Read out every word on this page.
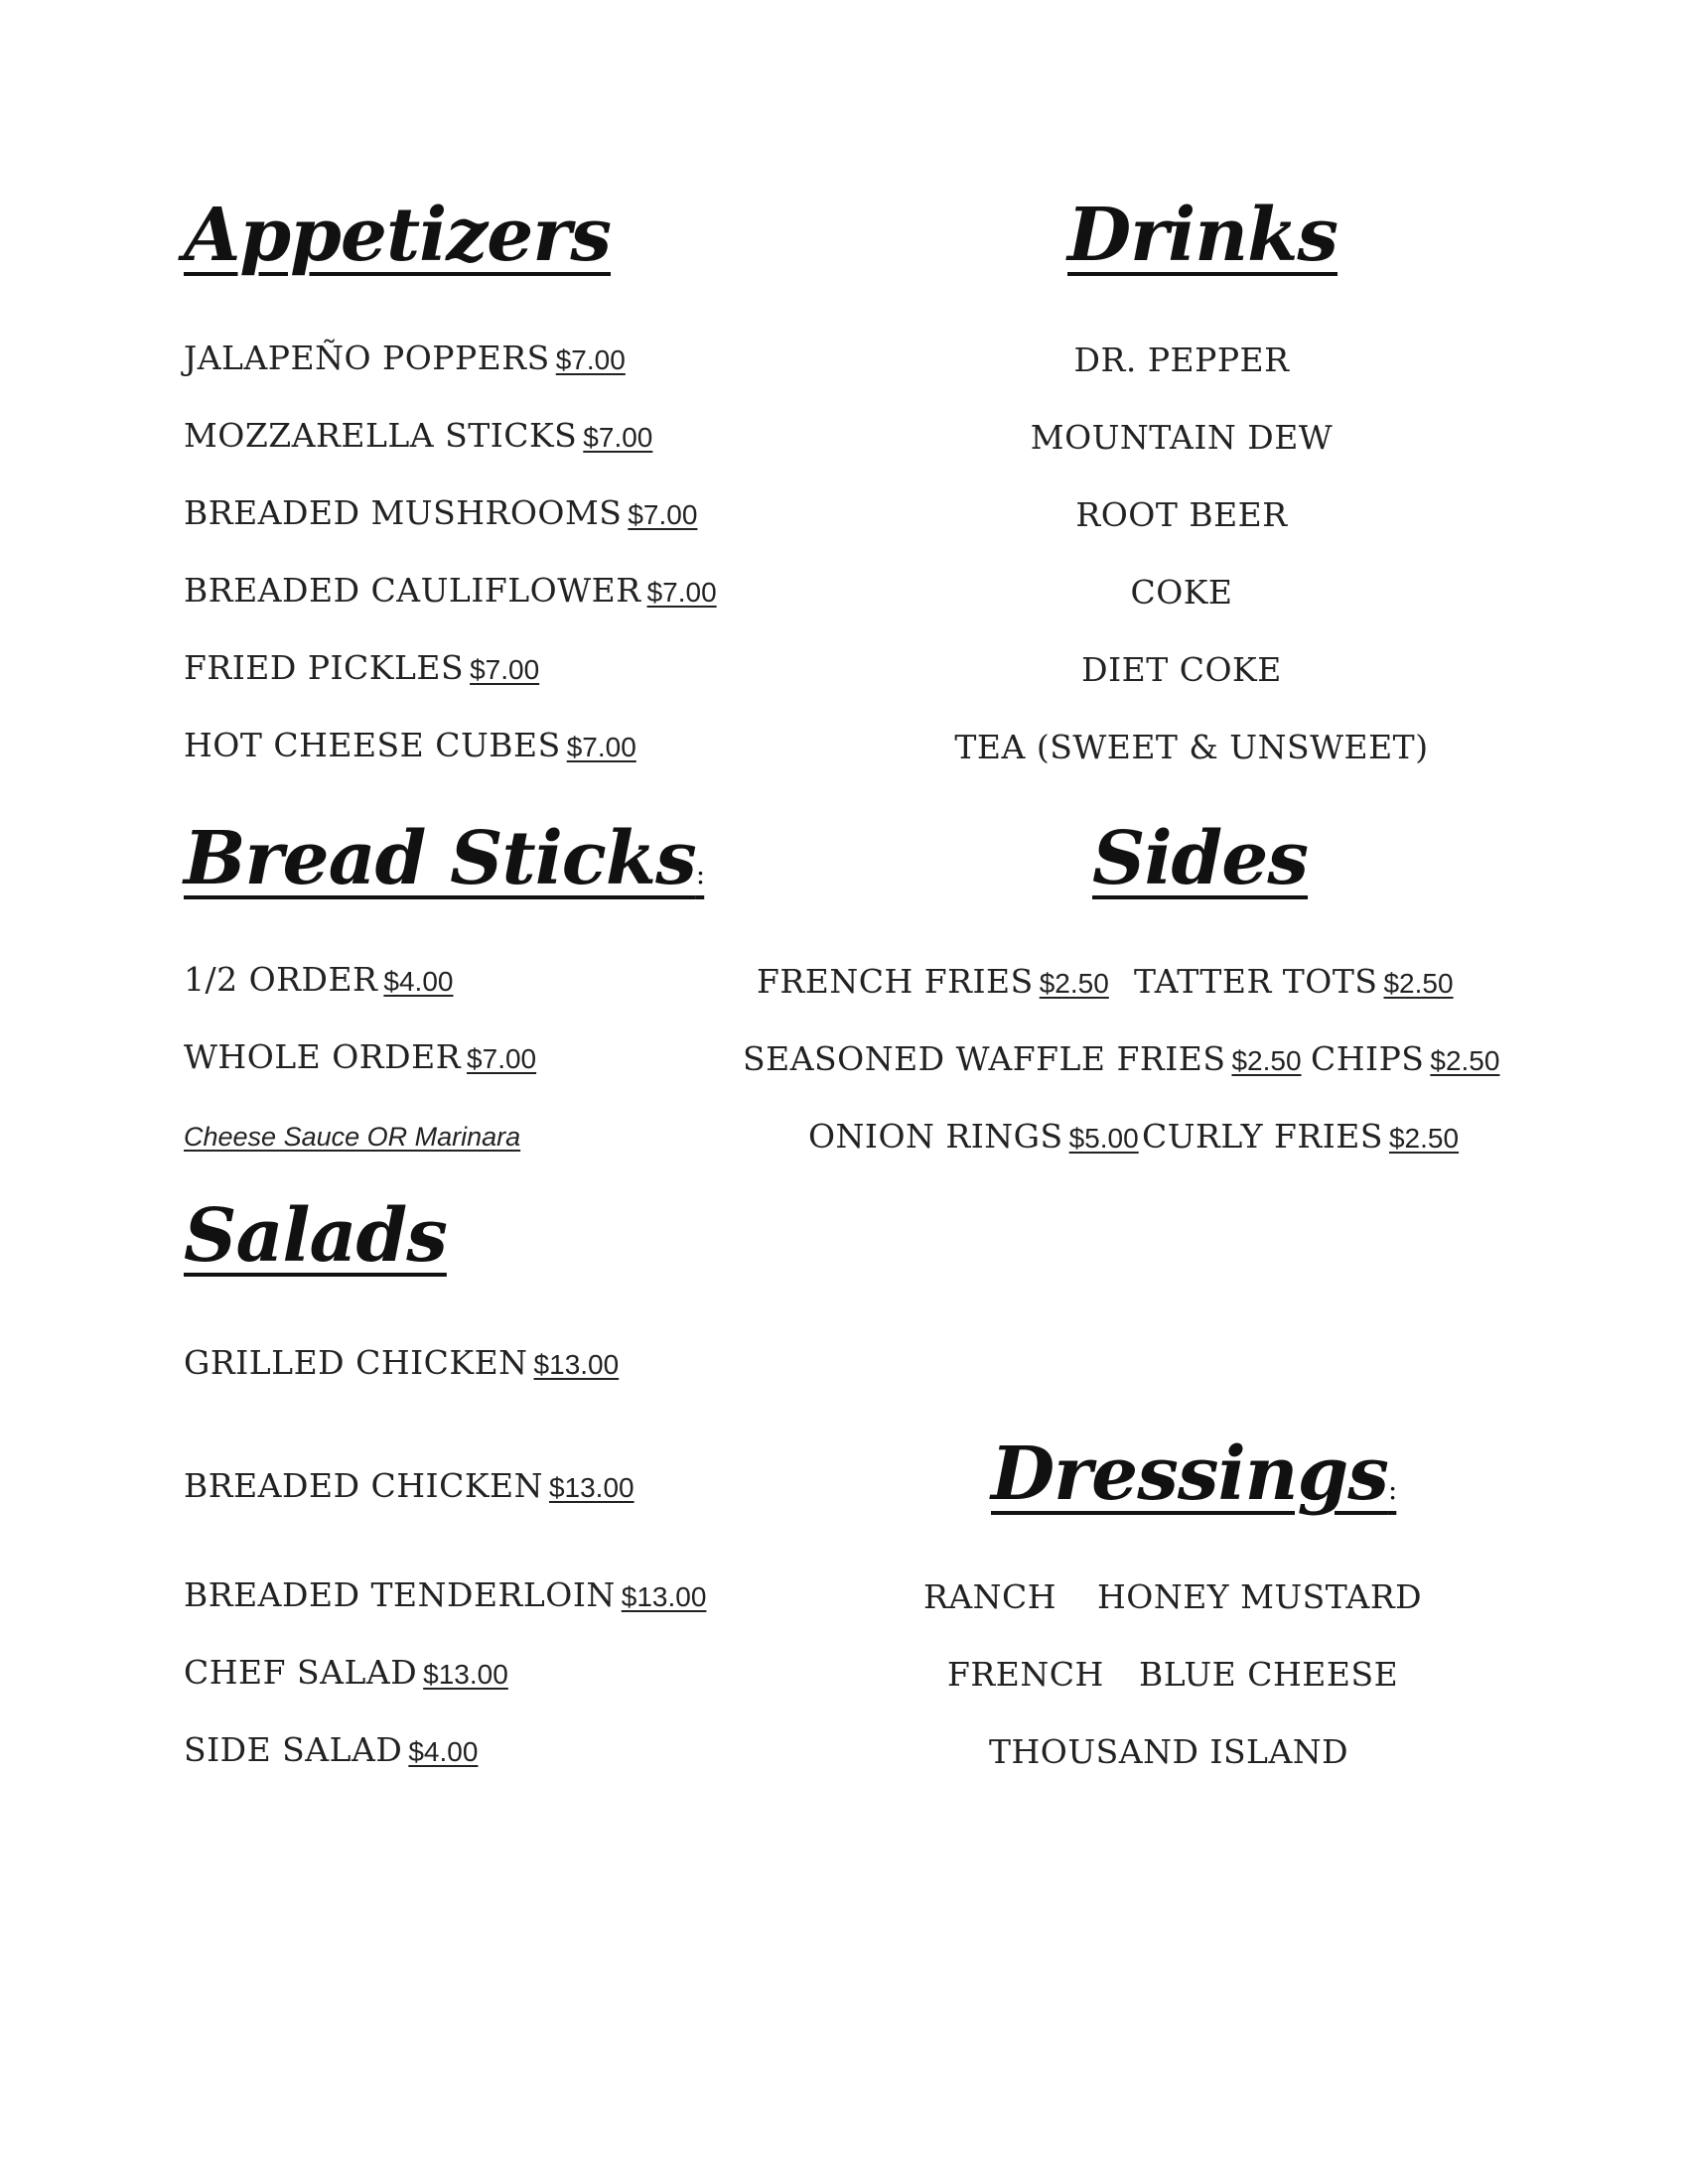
Appetizers
JALAPEÑO POPPERS $7.00
MOZZARELLA STICKS $7.00
BREADED MUSHROOMS $7.00
BREADED CAULIFLOWER $7.00
FRIED PICKLES $7.00
HOT CHEESE CUBES $7.00
Drinks
DR. PEPPER
MOUNTAIN DEW
ROOT BEER
COKE
DIET COKE
TEA (SWEET & UNSWEET)
Bread Sticks:
1/2 ORDER $4.00
WHOLE ORDER $7.00
Cheese Sauce OR Marinara
Sides
FRENCH FRIES $2.50 TATTER TOTS $2.50
SEASONED WAFFLE FRIES $2.50 CHIPS $2.50
ONION RINGS $5.00 CURLY FRIES $2.50
Salads
GRILLED CHICKEN $13.00
BREADED CHICKEN $13.00
BREADED TENDERLOIN $13.00
CHEF SALAD $13.00
SIDE SALAD $4.00
Dressings:
RANCH HONEY MUSTARD
FRENCH BLUE CHEESE
THOUSAND ISLAND
